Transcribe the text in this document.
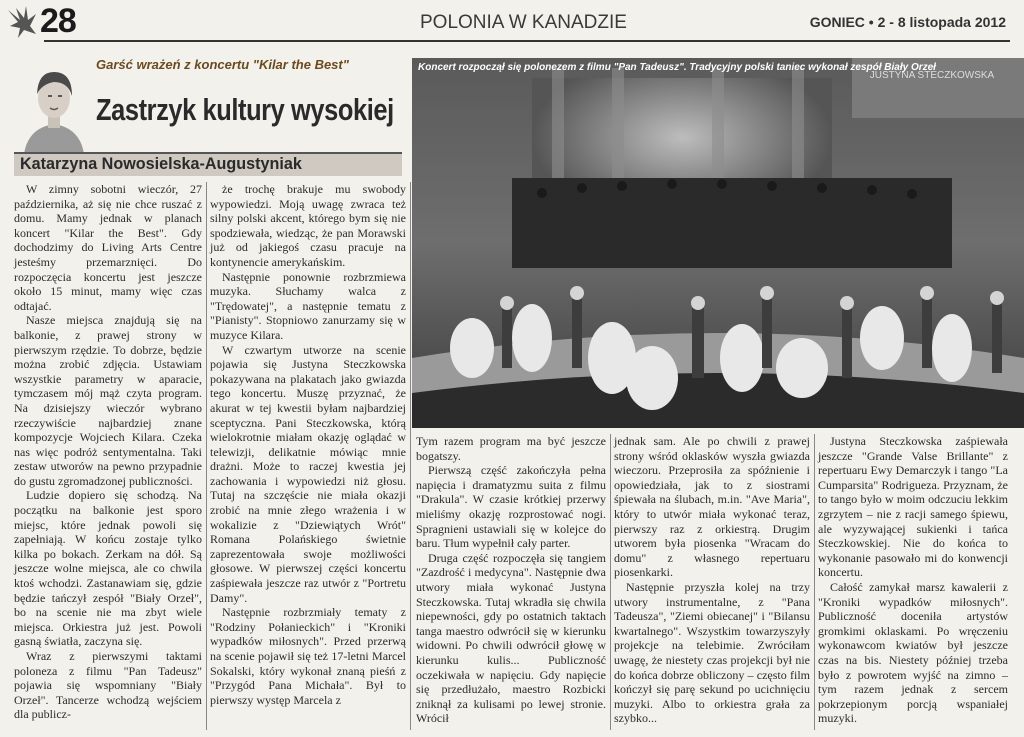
28	POLONIA W KANADZIE	GONIEC • 2 - 8 listopada 2012
Garść wrażeń z koncertu "Kilar the Best"
Zastrzyk kultury wysokiej
Katarzyna Nowosielska-Augustyniak
JUSTYNA STECZKOWSKA
Koncert rozpoczął się polonezem z filmu "Pan Tadeusz". Tradycyjny polski taniec wykonał zespół Biały Orzeł

W zimny sobotni wieczór, 27 października, aż się nie chce ruszać z domu. Mamy jednak w planach koncert "Kilar the Best". Gdy dochodzimy do Living Arts Centre jesteśmy przemarznięci. Do rozpoczęcia koncertu jest jeszcze około 15 minut, mamy więc czas odtajać.

Nasze miejsca znajdują się na balkonie, z prawej strony w pierwszym rzędzie. To dobrze, będzie można zrobić zdjęcia. Ustawiam wszystkie parametry w aparacie, tymczasem mój mąż czyta program. Na dzisiejszy wieczór wybrano rzeczywiście najbardziej znane kompozycje Wojciech Kilara. Czeka nas więc podróż sentymentalna. Taki zestaw utworów na pewno przypadnie do gustu zgromadzonej publiczności.

Ludzie dopiero się schodzą. Na początku na balkonie jest sporo miejsc, które jednak powoli się zapełniają. W końcu zostaje tylko kilka po bokach. Zerkam na dół. Są jeszcze wolne miejsca, ale co chwila ktoś wchodzi. Zastanawiam się, gdzie będzie tańczył zespół "Biały Orzeł", bo na scenie nie ma zbyt wiele miejsca. Orkiestra już jest. Powoli gasną światła, zaczyna się.

Wraz z pierwszymi taktami poloneza z filmu "Pan Tadeusz" pojawia się wspomniany "Biały Orzeł". Tancerze wchodzą wejściem dla publicz-

że trochę brakuje mu swobody wypowiedzi. Moją uwagę zwraca też silny polski akcent, którego bym się nie spodziewała, wiedząc, że pan Morawski już od jakiegoś czasu pracuje na kontynencie amerykańskim.

Następnie ponownie rozbrzmiewa muzyka. Słuchamy walca z "Trędowatej", a następnie tematu z "Pianisty". Stopniowo zanurzamy się w muzyce Kilara.

W czwartym utworze na scenie pojawia się Justyna Steczkowska pokazywana na plakatach jako gwiazda tego koncertu. Muszę przyznać, że akurat w tej kwestii byłam najbardziej sceptyczna. Pani Steczkowska, którą wielokrotnie miałam okazję oglądać w telewizji, delikatnie mówiąc mnie drażni. Może to raczej kwestia jej zachowania i wypowiedzi niż głosu. Tutaj na szczęście nie miała okazji zrobić na mnie złego wrażenia i w wokalizie z "Dziewiątych Wrót" Romana Polańskiego świetnie zaprezentowała swoje możliwości głosowe. W pierwszej części koncertu zaśpiewała jeszcze raz utwór z "Portretu Damy".

Następnie rozbrzmiały tematy z "Rodziny Połanieckich" i "Kroniki wypadków miłosnych". Przed przerwą na scenie pojawił się też 17-letni Marcel Sokalski, który wykonał znaną pieśń z "Przygód Pana Michała". Był to pierwszy występ Marcela z

Tym razem program ma być jeszcze bogatszy.

Pierwszą część zakończyła pełna napięcia i dramatyzmu suita z filmu "Drakula". W czasie krótkiej przerwy mieliśmy okazję rozprostować nogi. Spragnieni ustawiali się w kolejce do baru. Tłum wypełnił cały parter.

Druga część rozpoczęła się tangiem "Zazdrość i medycyna". Następnie dwa utwory miała wykonać Justyna Steczkowska. Tutaj wkradła się chwila niepewności, gdy po ostatnich taktach tanga maestro odwrócił się w kierunku widowni. Po chwili odwrócił głowę w kierunku kulis... Publiczność oczekiwała w napięciu. Gdy napięcie się przedłużało, maestro Rozbicki zniknął za kulisami po lewej stronie. Wrócił

jednak sam. Ale po chwili z prawej strony wśród oklasków wyszła gwiazda wieczoru. Przeprosiła za spóźnienie i opowiedziała, jak to z siostrami śpiewała na ślubach, m.in. "Ave Maria", który to utwór miała wykonać teraz, pierwszy raz z orkiestrą. Drugim utworem była piosenka "Wracam do domu" z własnego repertuaru piosenkarki.

Następnie przyszła kolej na trzy utwory instrumentalne, z "Pana Tadeusza", "Ziemi obiecanej" i "Bilansu kwartalnego". Wszystkim towarzyszyły projekcje na telebimie. Zwróciłam uwagę, że niestety czas projekcji był nie do końca dobrze obliczony – często film kończył się parę sekund po ucichnięciu muzyki. Albo to orkiestra grała za szybko...

Justyna Steczkowska zaśpiewała jeszcze "Grande Valse Brillante" z repertuaru Ewy Demarczyk i tango "La Cumparsita" Rodrigueza. Przyznam, że to tango było w moim odczuciu lekkim zgrzytem – nie z racji samego śpiewu, ale wyzywającej sukienki i tańca Steczkowskiej. Nie do końca to wykonanie pasowało mi do konwencji koncertu.

Całość zamykał marsz kawalerii z "Kroniki wypadków miłosnych". Publiczność doceniła artystów gromkimi oklaskami. Po wręczeniu wykonawcom kwiatów był jeszcze czas na bis. Niestety później trzeba było z powrotem wyjść na zimno – tym razem jednak z sercem pokrzepionym porcją wspaniałej muzyki.
